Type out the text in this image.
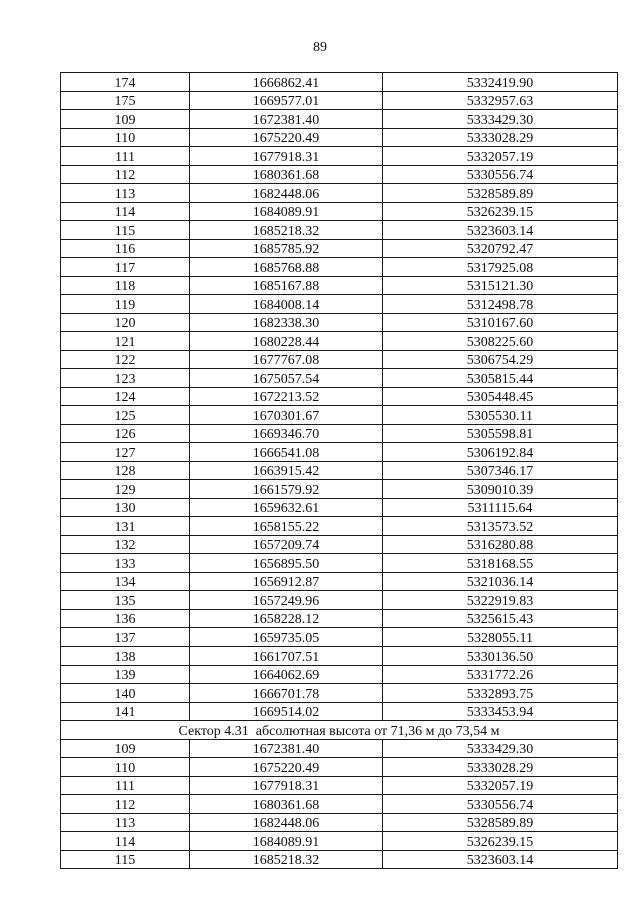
89
174	1666862.41	5332419.90
175	1669577.01	5332957.63
109	1672381.40	5333429.30
110	1675220.49	5333028.29
111	1677918.31	5332057.19
112	1680361.68	5330556.74
113	1682448.06	5328589.89
114	1684089.91	5326239.15
115	1685218.32	5323603.14
116	1685785.92	5320792.47
117	1685768.88	5317925.08
118	1685167.88	5315121.30
119	1684008.14	5312498.78
120	1682338.30	5310167.60
121	1680228.44	5308225.60
122	1677767.08	5306754.29
123	1675057.54	5305815.44
124	1672213.52	5305448.45
125	1670301.67	5305530.11
126	1669346.70	5305598.81
127	1666541.08	5306192.84
128	1663915.42	5307346.17
129	1661579.92	5309010.39
130	1659632.61	5311115.64
131	1658155.22	5313573.52
132	1657209.74	5316280.88
133	1656895.50	5318168.55
134	1656912.87	5321036.14
135	1657249.96	5322919.83
136	1658228.12	5325615.43
137	1659735.05	5328055.11
138	1661707.51	5330136.50
139	1664062.69	5331772.26
140	1666701.78	5332893.75
141	1669514.02	5333453.94
Сектор 4.31  абсолютная высота от 71,36 м до 73,54 м		
109	1672381.40	5333429.30
110	1675220.49	5333028.29
111	1677918.31	5332057.19
112	1680361.68	5330556.74
113	1682448.06	5328589.89
114	1684089.91	5326239.15
115	1685218.32	5323603.14
